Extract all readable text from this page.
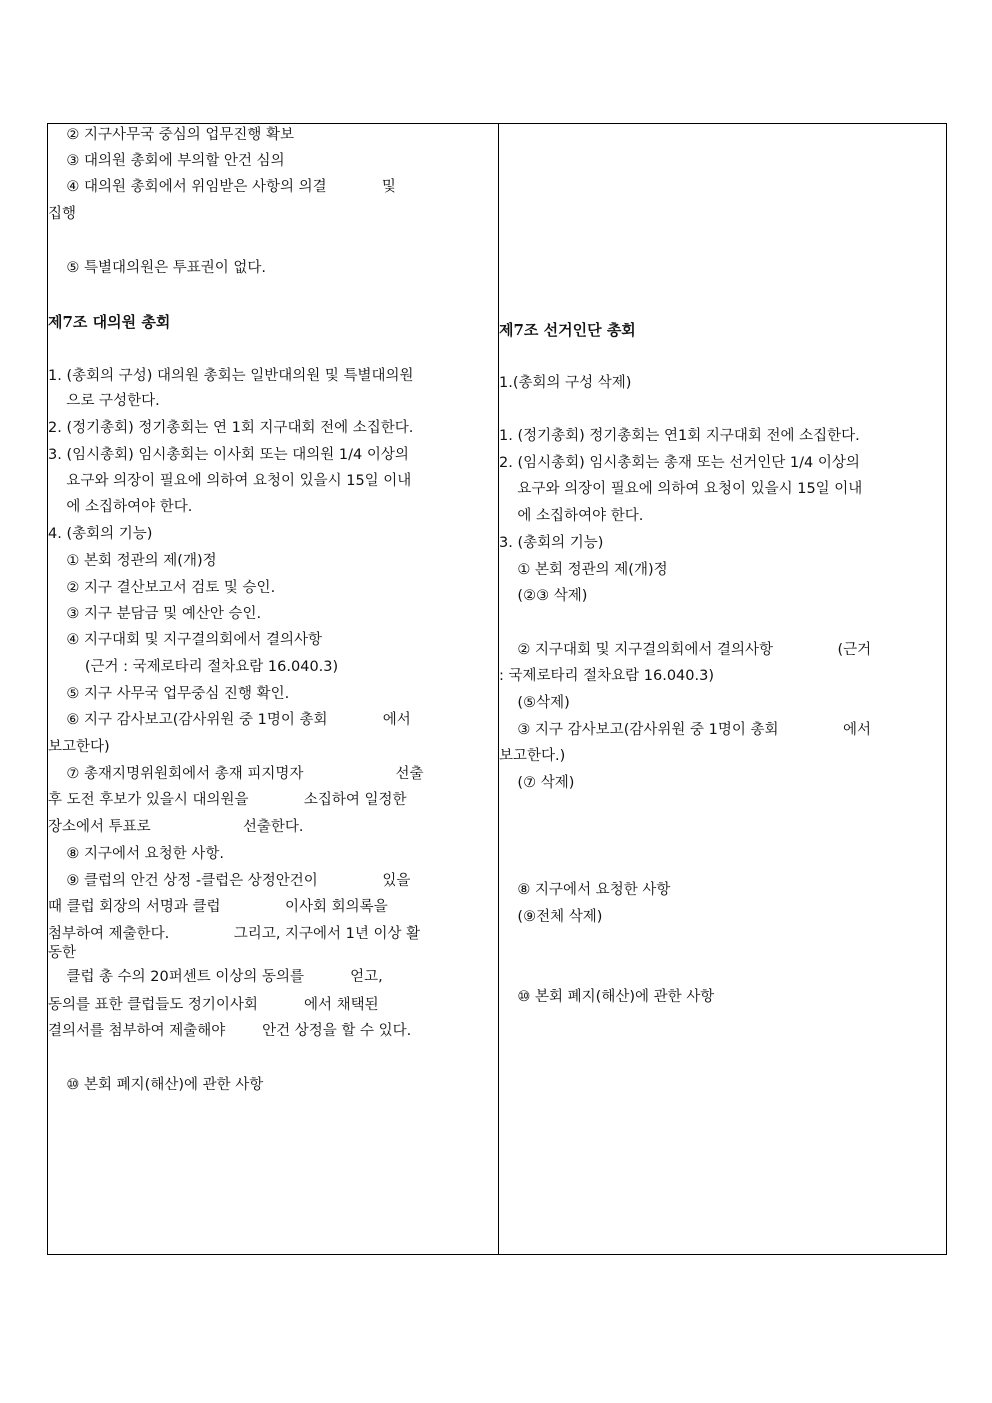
② 지구사무국 중심의 업무진행 확보
③ 대의원 총회에 부의할 안건 심의
④ 대의원 총회에서 위임받은 사항의 의결            및
집행
⑤ 특별대의원은 투표권이 없다.
제7조 대의원 총회
1. (총회의 구성) 대의원 총회는 일반대의원 및 특별대의원
으로 구성한다.
2. (정기총회) 정기총회는 연 1회 지구대회 전에 소집한다.
3. (임시총회) 임시총회는 이사회 또는 대의원 1/4 이상의
요구와 의장이 필요에 의하여 요청이 있을시 15일 이내
에 소집하여야 한다.
4. (총회의 기능)
① 본회 정관의 제(개)정
② 지구 결산보고서 검토 및 승인.
③ 지구 분담금 및 예산안 승인.
④ 지구대회 및 지구결의회에서 결의사항
(근거 : 국제로타리 절차요람 16.040.3)
⑤ 지구 사무국 업무중심 진행 확인.
⑥ 지구 감사보고(감사위원 중 1명이 총회            에서
보고한다)
⑦ 총재지명위원회에서 총재 피지명자                    선출
후 도전 후보가 있을시 대의원을            소집하여 일정한
장소에서 투표로                    선출한다.
⑧ 지구에서 요청한 사항.
⑨ 클럽의 안건 상정 -클럽은 상정안건이              있을
때 클럽 회장의 서명과 클럽              이사회 회의록을
첨부하여 제출한다.              그리고, 지구에서 1년 이상 활
동한
클럽 총 수의 20퍼센트 이상의 동의를          얻고,
동의를 표한 클럽들도 정기이사회          에서 채택된
결의서를 첨부하여 제출해야        안건 상정을 할 수 있다.
⑩ 본회 폐지(해산)에 관한 사항
제7조 선거인단 총회
1.(총회의 구성 삭제)
1. (정기총회) 정기총회는 연1회 지구대회 전에 소집한다.
2. (임시총회) 임시총회는 총재 또는 선거인단 1/4 이상의
요구와 의장이 필요에 의하여 요청이 있을시 15일 이내
에 소집하여야 한다.
3. (총회의 기능)
① 본회 정관의 제(개)정
(②③ 삭제)
② 지구대회 및 지구결의회에서 결의사항              (근거
: 국제로타리 절차요람 16.040.3)
(⑤삭제)
③ 지구 감사보고(감사위원 중 1명이 총회              에서
보고한다.)
(⑦ 삭제)
⑧ 지구에서 요청한 사항
(⑨전체 삭제)
⑩ 본회 폐지(해산)에 관한 사항
